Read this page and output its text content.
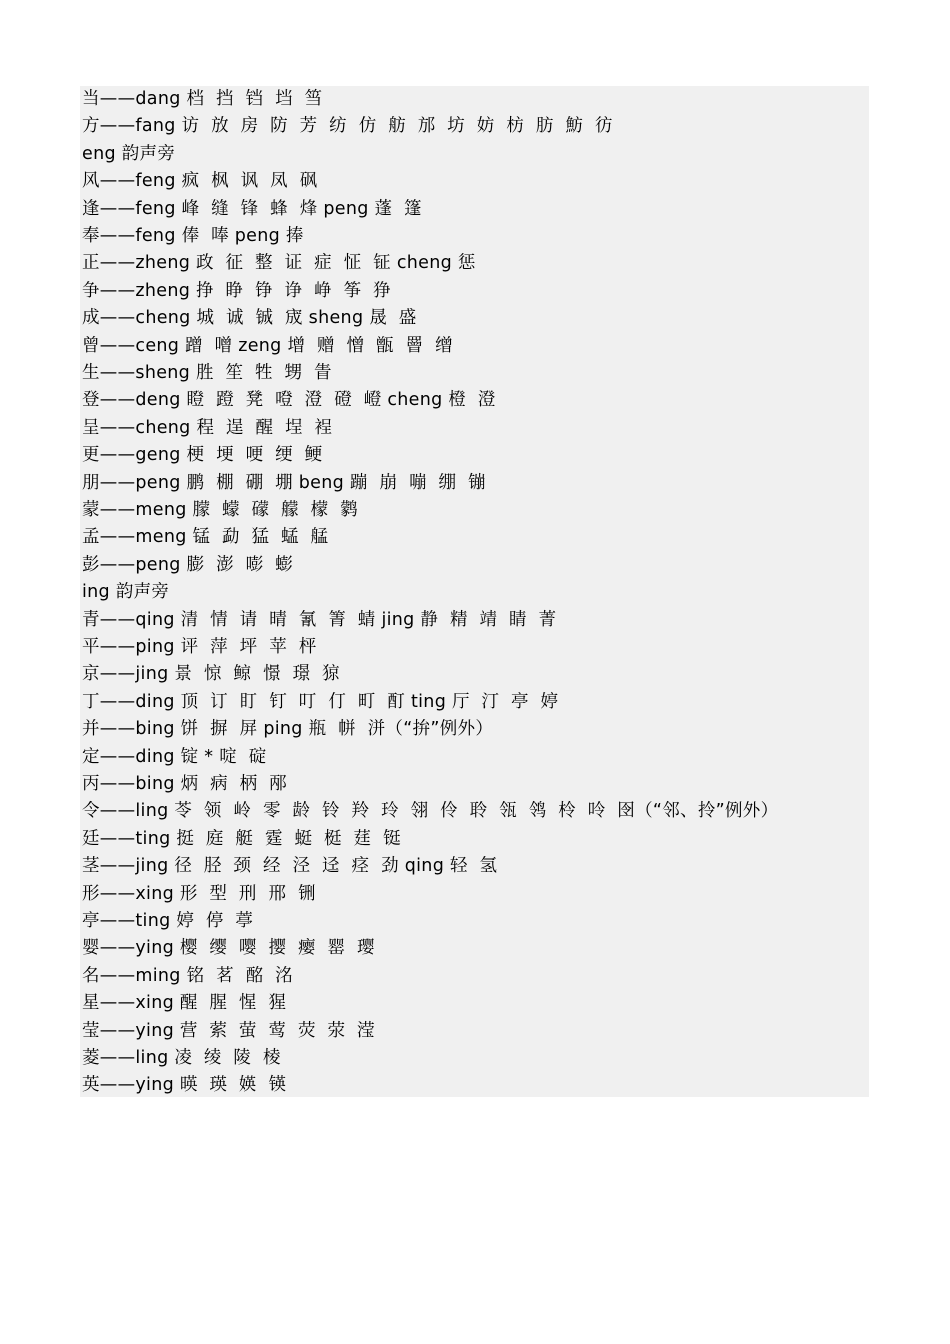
当——dang 档  挡  铛  垱  筜
方——fang 访  放  房  防  芳  纺  仿  舫  邡  坊  妨  枋  肪  魴  彷
eng 韵声旁
风——feng 疯  枫  讽  凤  砜
逢——feng 峰  缝  锋  蜂  烽 peng 蓬  篷
奉——feng 俸  唪 peng 捧
正——zheng 政  征  整  证  症  怔  钲 cheng 惩
争——zheng 挣  睁  铮  诤  峥  筝  狰
成——cheng 城  诚  铖  宬 sheng 晟  盛
曾——ceng 蹭  噌 zeng 增  赠  憎  甑  罾  缯
生——sheng 胜  笙  牲  甥  眚
登——deng 瞪  蹬  凳  噔  澄  磴  嶝 cheng 橙  澄
呈——cheng 程  逞  醒  埕  裎
更——geng 梗  埂  哽  绠  鲠
朋——peng 鹏  棚  硼  堋 beng 蹦  崩  嘣  绷  镚
蒙——meng 朦  蠓  礞  艨  檬  鹲
孟——meng 锰  勐  猛  蜢  艋
彭——peng 膨  澎  嘭  蟛
ing 韵声旁
青——qing 清  情  请  晴  氰  箐  蜻 jing 静  精  靖  睛  菁
平——ping 评  萍  坪  苹  枰
京——jing 景  惊  鲸  憬  璟  猄
丁——ding 顶  订  盯  钉  叮  仃  町  酊 ting 厅  汀  亭  婷
并——bing 饼  摒  屏 ping 瓶  帡  洴（“拚”例外）
定——ding 锭 * 啶  碇
丙——bing 炳  病  柄  邴
令——ling 苓  领  岭  零  龄  铃  羚  玲  翎  伶  聆  瓴  鸰  柃  呤  囹（“邻、拎”例外）
廷——ting 挺  庭  艇  霆  蜓  梃  莛  铤
茎——jing 径  胫  颈  经  泾  迳  痉  劲 qing 轻  氢
形——xing 形  型  刑  邢  铏
亭——ting 婷  停  葶
婴——ying 樱  缨  嘤  撄  瘿  罂  璎
名——ming 铭  茗  酩  洺
星——xing 醒  腥  惺  猩
莹——ying 营  萦  萤  莺  荧  荥  滢
菱——ling 凌  绫  陵  棱
英——ying 暎  瑛  媖  锳
